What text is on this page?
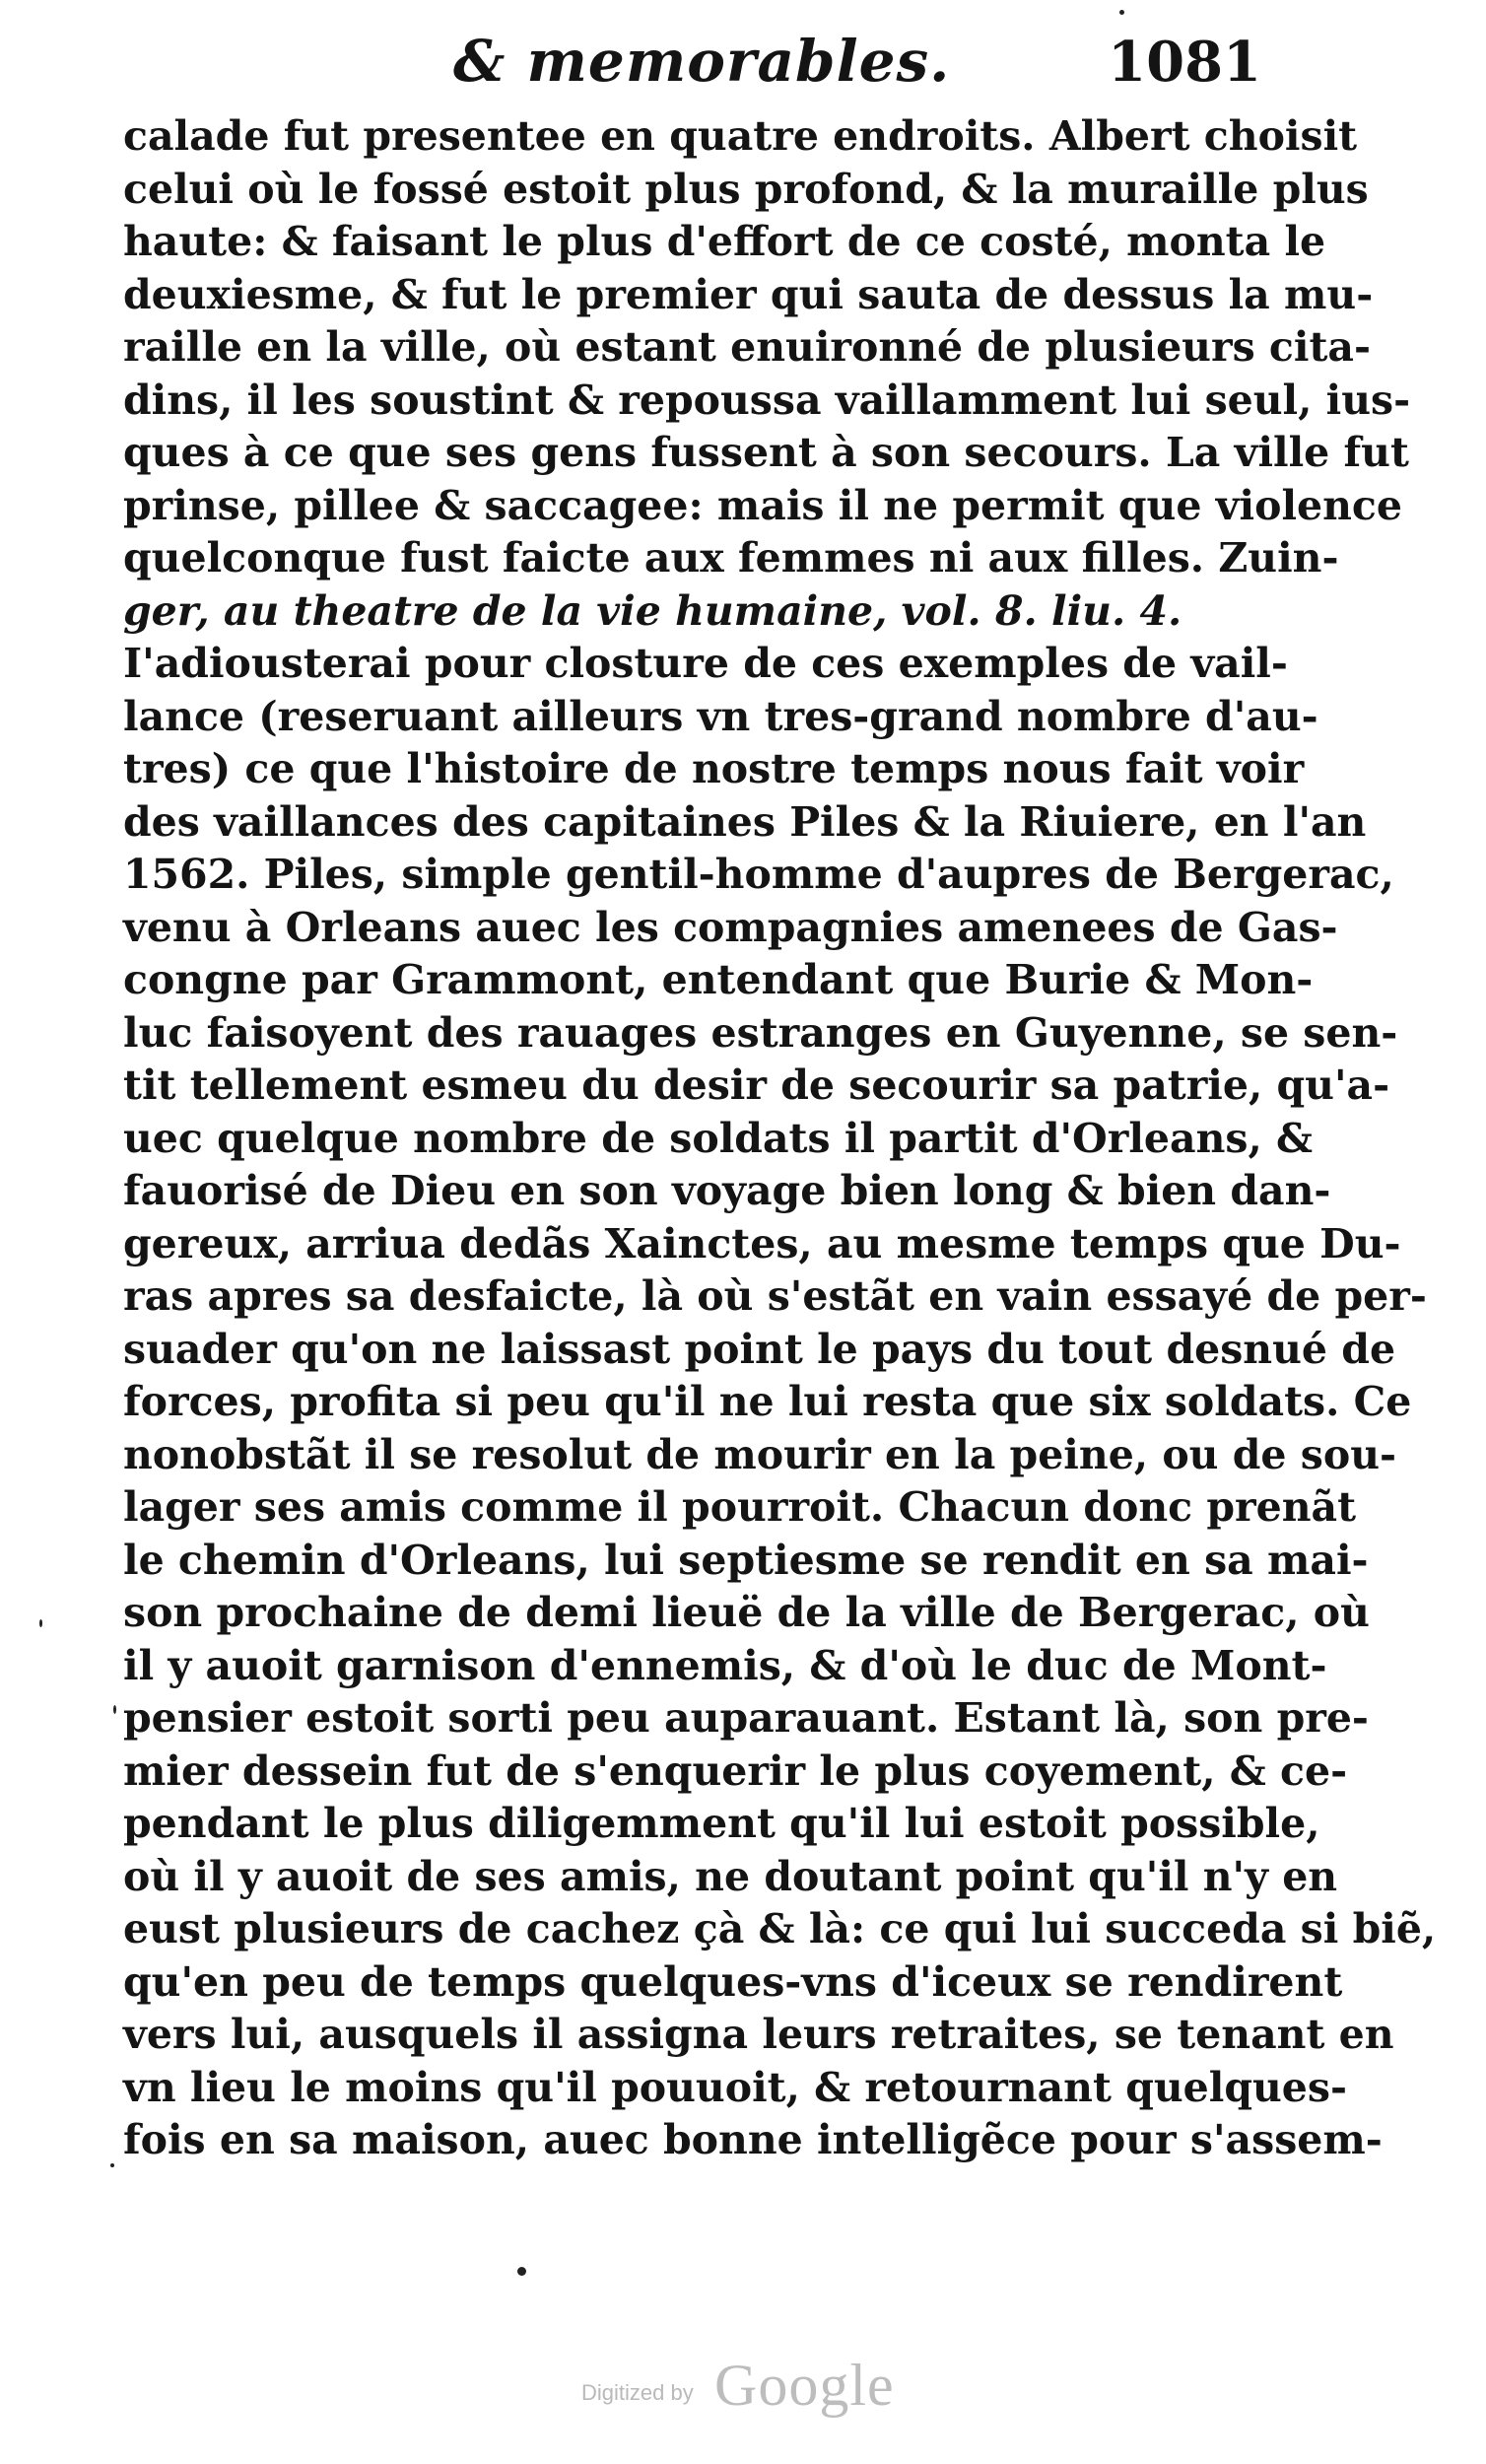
& memorables.	1081
calade fut presentee en quatre endroits. Albert choisit
celui où le fossé estoit plus profond, & la muraille plus
haute: & faisant le plus d'effort de ce costé, monta le
deuxiesme, & fut le premier qui sauta de dessus la mu-
raille en la ville, où estant enuironné de plusieurs cita-
dins, il les soustint & repoussa vaillamment lui seul, ius-
ques à ce que ses gens fussent à son secours. La ville fut
prinse, pillee & saccagee: mais il ne permit que violence
quelconque fust faicte aux femmes ni aux filles. Zuin-
ger, au theatre de la vie humaine, vol. 8. liu. 4.
I'adiousterai pour closture de ces exemples de vail-
lance (reseruant ailleurs vn tres-grand nombre d'au-
tres) ce que l'histoire de nostre temps nous fait voir
des vaillances des capitaines Piles & la Riuiere, en l'an
1562. Piles, simple gentil-homme d'aupres de Bergerac,
venu à Orleans auec les compagnies amenees de Gas-
congne par Grammont, entendant que Burie & Mon-
luc faisoyent des rauages estranges en Guyenne, se sen-
tit tellement esmeu du desir de secourir sa patrie, qu'a-
uec quelque nombre de soldats il partit d'Orleans, &
fauorisé de Dieu en son voyage bien long & bien dan-
gereux, arriua dedãs Xainctes, au mesme temps que Du-
ras apres sa desfaicte, là où s'estãt en vain essayé de per-
suader qu'on ne laissast point le pays du tout desnué de
forces, profita si peu qu'il ne lui resta que six soldats. Ce
nonobstãt il se resolut de mourir en la peine, ou de sou-
lager ses amis comme il pourroit. Chacun donc prenãt
le chemin d'Orleans, lui septiesme se rendit en sa mai-
son prochaine de demi lieuë de la ville de Bergerac, où
il y auoit garnison d'ennemis, & d'où le duc de Mont-
pensier estoit sorti peu auparauant. Estant là, son pre-
mier dessein fut de s'enquerir le plus coyement, & ce-
pendant le plus diligemment qu'il lui estoit possible,
où il y auoit de ses amis, ne doutant point qu'il n'y en
eust plusieurs de cachez çà & là: ce qui lui succeda si biẽ,
qu'en peu de temps quelques-vns d'iceux se rendirent
vers lui, ausquels il assigna leurs retraites, se tenant en
vn lieu le moins qu'il pouuoit, & retournant quelques-
fois en sa maison, auec bonne intelligẽce pour s'assem-
Digitized by Google
